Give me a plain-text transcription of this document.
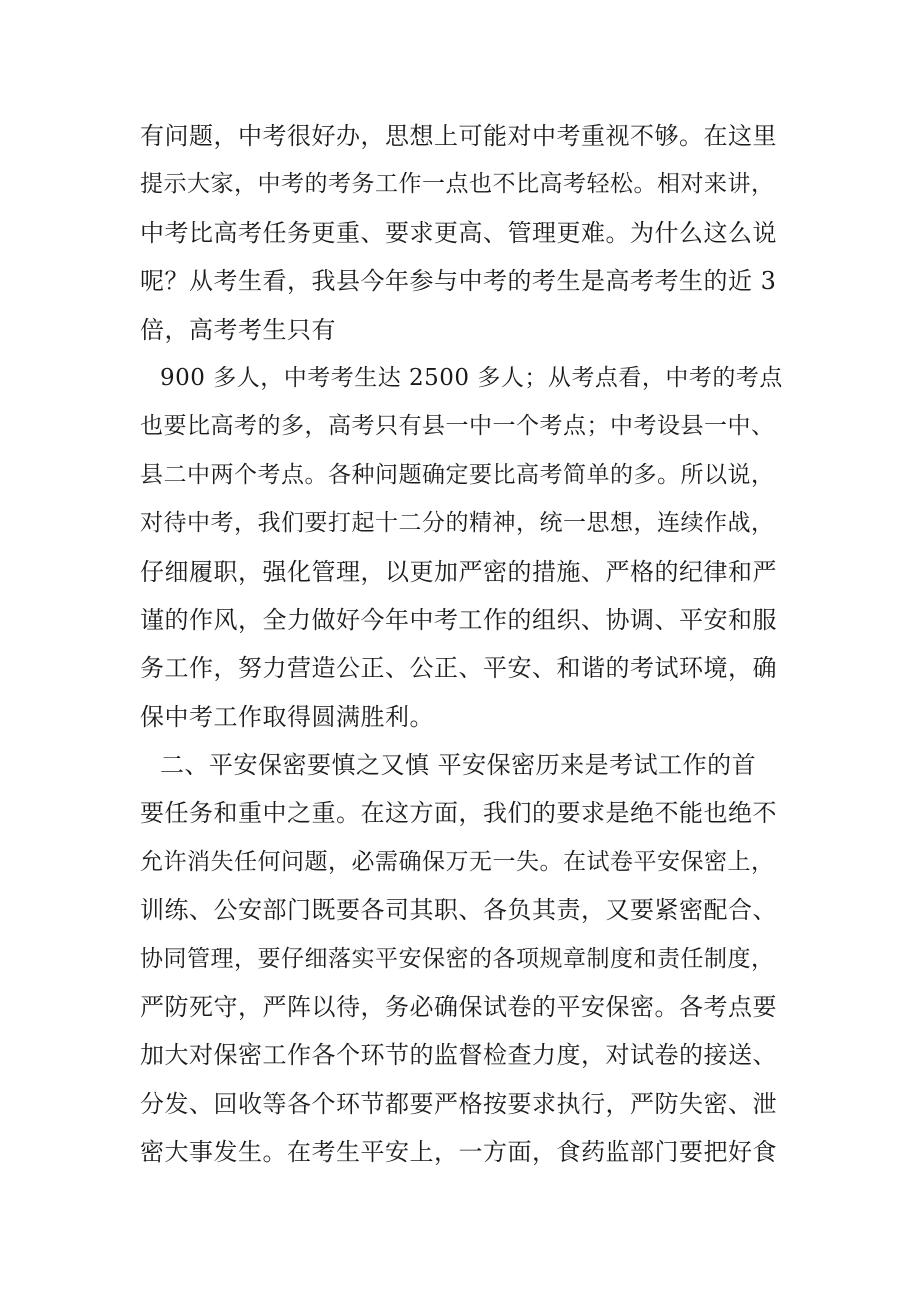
有问题，中考很好办，思想上可能对中考重视不够。在这里
提示大家，中考的考务工作一点也不比高考轻松。相对来讲，
中考比高考任务更重、要求更高、管理更难。为什么这么说
呢？从考生看，我县今年参与中考的考生是高考考生的近 3
倍，高考考生只有
900 多人，中考考生达 2500 多人；从考点看，中考的考点
也要比高考的多，高考只有县一中一个考点；中考设县一中、
县二中两个考点。各种问题确定要比高考简单的多。所以说，
对待中考，我们要打起十二分的精神，统一思想，连续作战，
仔细履职，强化管理，以更加严密的措施、严格的纪律和严
谨的作风，全力做好今年中考工作的组织、协调、平安和服
务工作，努力营造公正、公正、平安、和谐的考试环境，确
保中考工作取得圆满胜利。
二、平安保密要慎之又慎 平安保密历来是考试工作的首
要任务和重中之重。在这方面，我们的要求是绝不能也绝不
允许消失任何问题，必需确保万无一失。在试卷平安保密上，
训练、公安部门既要各司其职、各负其责，又要紧密配合、
协同管理，要仔细落实平安保密的各项规章制度和责任制度，
严防死守，严阵以待，务必确保试卷的平安保密。各考点要
加大对保密工作各个环节的监督检查力度，对试卷的接送、
分发、回收等各个环节都要严格按要求执行，严防失密、泄
密大事发生。在考生平安上，一方面，食药监部门要把好食
